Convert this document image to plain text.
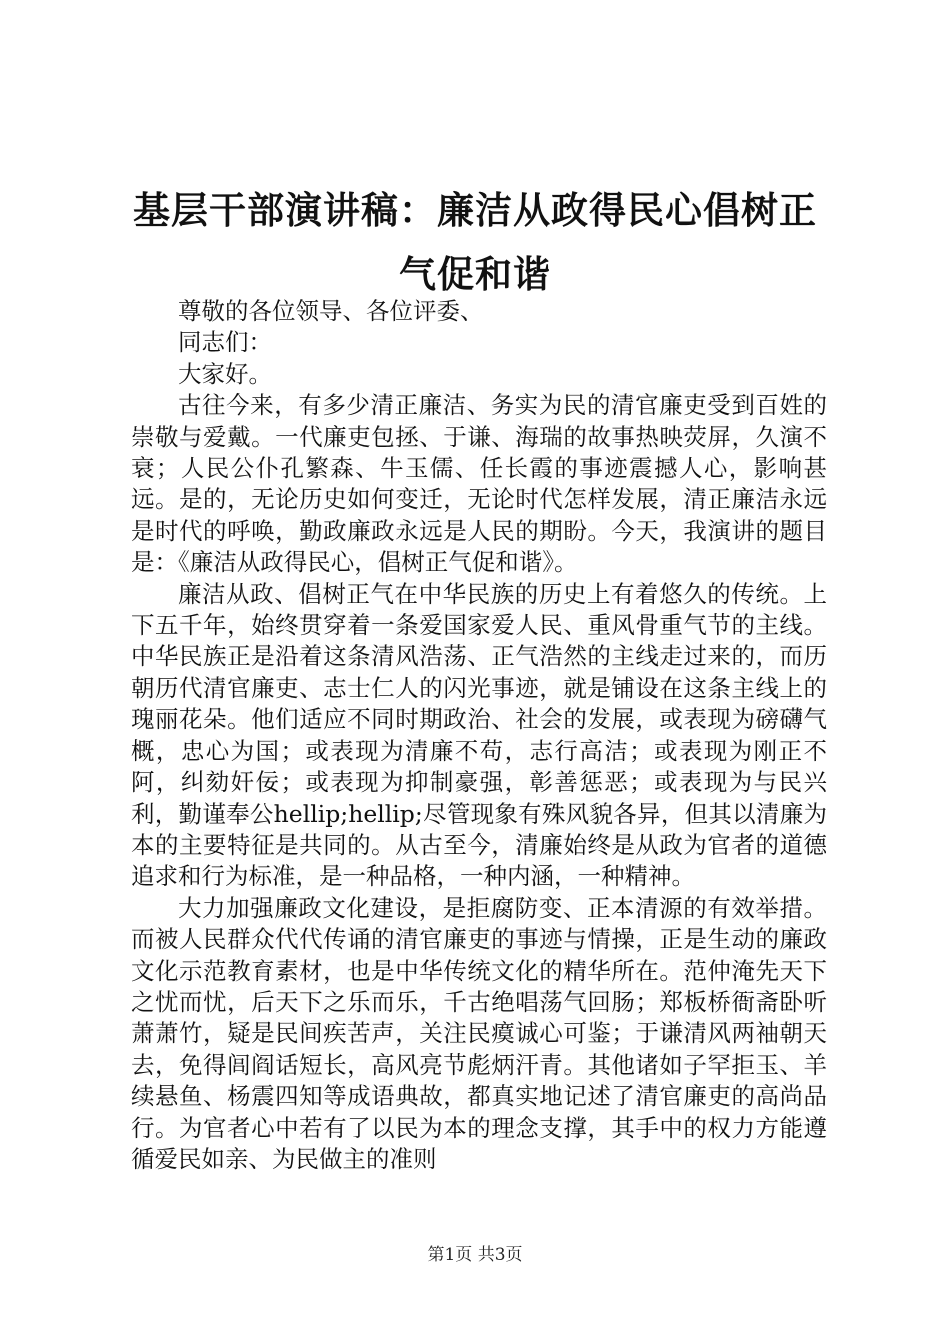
基层干部演讲稿：廉洁从政得民心倡树正气促和谐

尊敬的各位领导、各位评委、

同志们：

大家好。

古往今来，有多少清正廉洁、务实为民的清官廉吏受到百姓的崇敬与爱戴。一代廉吏包拯、于谦、海瑞的故事热映荧屏，久演不衰；人民公仆孔繁森、牛玉儒、任长霞的事迹震撼人心，影响甚远。是的，无论历史如何变迁，无论时代怎样发展，清正廉洁永远是时代的呼唤，勤政廉政永远是人民的期盼。今天，我演讲的题目是：《廉洁从政得民心，倡树正气促和谐》。

廉洁从政、倡树正气在中华民族的历史上有着悠久的传统。上下五千年，始终贯穿着一条爱国家爱人民、重风骨重气节的主线。中华民族正是沿着这条清风浩荡、正气浩然的主线走过来的，而历朝历代清官廉吏、志士仁人的闪光事迹，就是铺设在这条主线上的瑰丽花朵。他们适应不同时期政治、社会的发展，或表现为磅礴气概，忠心为国；或表现为清廉不苟，志行高洁；或表现为刚正不阿，纠劾奸佞；或表现为抑制豪强，彰善惩恶；或表现为与民兴利，勤谨奉公hellip;hellip;尽管现象有殊风貌各异，但其以清廉为本的主要特征是共同的。从古至今，清廉始终是从政为官者的道德追求和行为标准，是一种品格，一种内涵，一种精神。

大力加强廉政文化建设，是拒腐防变、正本清源的有效举措。而被人民群众代代传诵的清官廉吏的事迹与情操，正是生动的廉政文化示范教育素材，也是中华传统文化的精华所在。范仲淹先天下之忧而忧，后天下之乐而乐，千古绝唱荡气回肠；郑板桥衙斋卧听萧萧竹，疑是民间疾苦声，关注民瘼诚心可鉴；于谦清风两袖朝天去，免得闾阎话短长，高风亮节彪炳汗青。其他诸如子罕拒玉、羊续悬鱼、杨震四知等成语典故，都真实地记述了清官廉吏的高尚品行。为官者心中若有了以民为本的理念支撑，其手中的权力方能遵循爱民如亲、为民做主的准则

第1页 共3页
